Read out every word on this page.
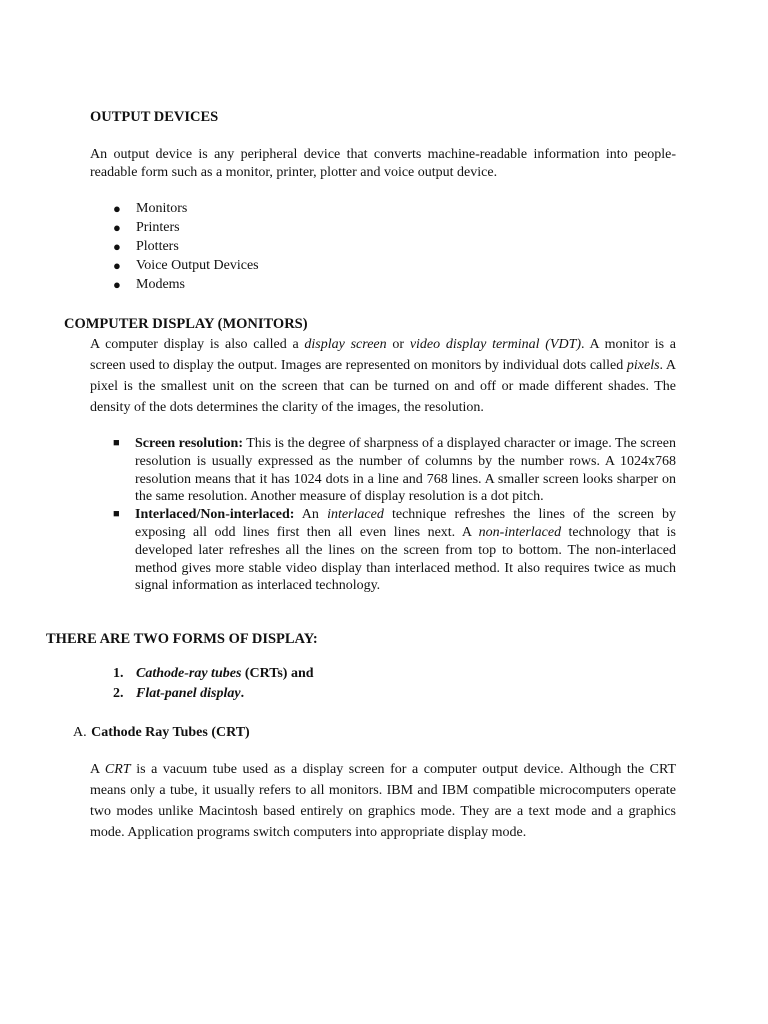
OUTPUT DEVICES
An output device is any peripheral device that converts machine-readable information into people-readable form such as a monitor, printer, plotter and voice output device.
● Monitors
● Printers
● Plotters
● Voice Output Devices
● Modems
COMPUTER DISPLAY (MONITORS)
A computer display is also called a display screen or video display terminal (VDT). A monitor is a screen used to display the output. Images are represented on monitors by individual dots called pixels. A pixel is the smallest unit on the screen that can be turned on and off or made different shades. The density of the dots determines the clarity of the images, the resolution.
■ Screen resolution: This is the degree of sharpness of a displayed character or image. The screen resolution is usually expressed as the number of columns by the number rows. A 1024x768 resolution means that it has 1024 dots in a line and 768 lines. A smaller screen looks sharper on the same resolution. Another measure of display resolution is a dot pitch.
■ Interlaced/Non-interlaced: An interlaced technique refreshes the lines of the screen by exposing all odd lines first then all even lines next. A non-interlaced technology that is developed later refreshes all the lines on the screen from top to bottom. The non-interlaced method gives more stable video display than interlaced method. It also requires twice as much signal information as interlaced technology.
THERE ARE TWO FORMS OF DISPLAY:
1. Cathode-ray tubes (CRTs) and
2. Flat-panel display.
A. Cathode Ray Tubes (CRT)
A CRT is a vacuum tube used as a display screen for a computer output device. Although the CRT means only a tube, it usually refers to all monitors. IBM and IBM compatible microcomputers operate two modes unlike Macintosh based entirely on graphics mode. They are a text mode and a graphics mode. Application programs switch computers into appropriate display mode.
